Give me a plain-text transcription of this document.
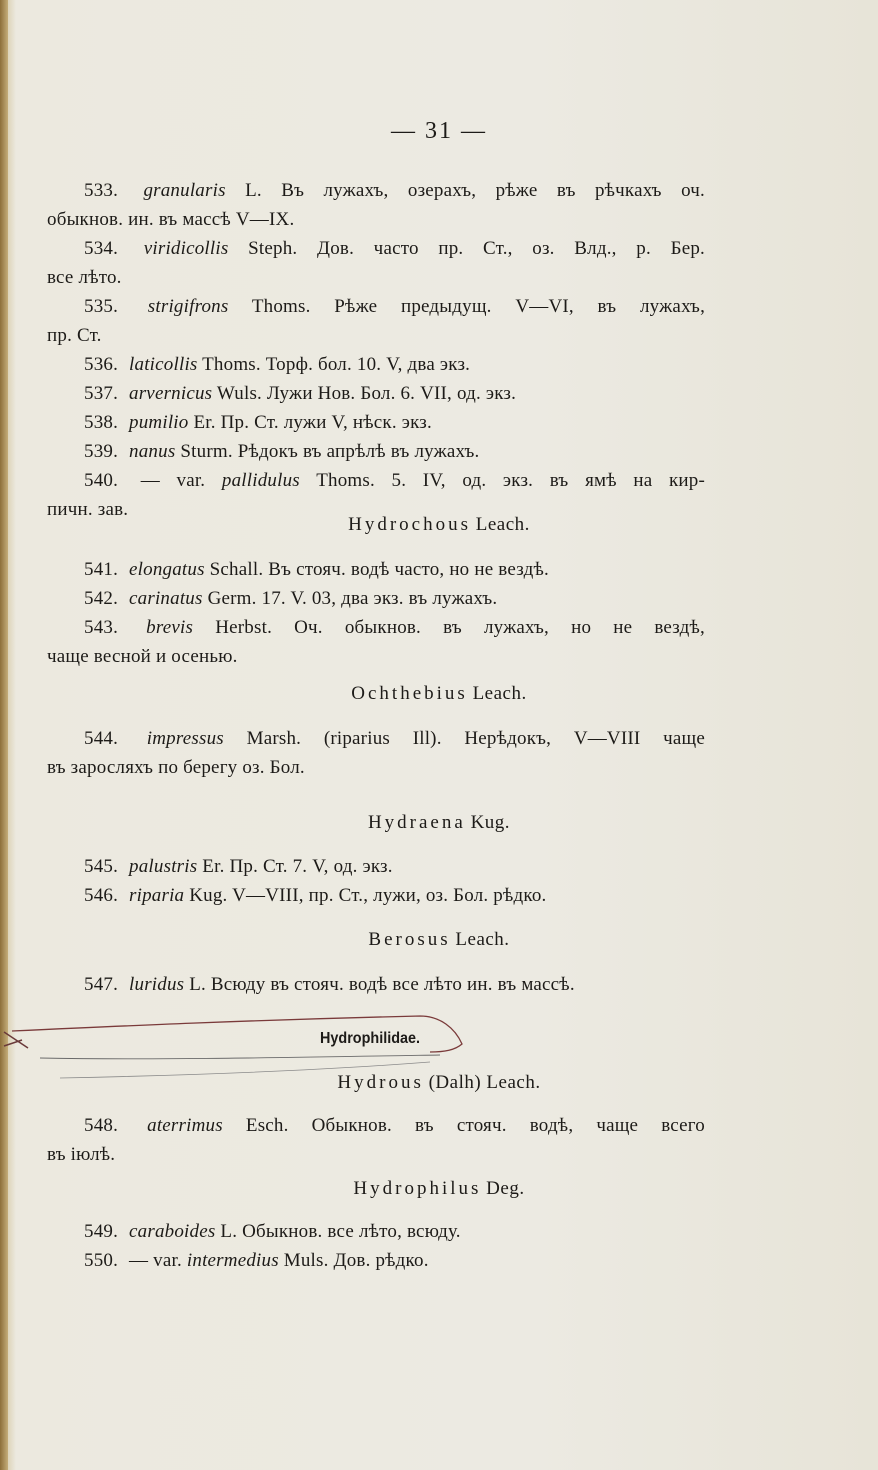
— 31 —
533. granularis L. Въ лужахъ, озерахъ, рѣже въ рѣчкахъ оч.
обыкнов. ин. въ массѣ V—IX.
534. viridicollis Steph. Дов. часто пр. Ст., оз. Влд., р. Бер.
все лѣто.
535. strigifrons Thoms. Рѣже предыдущ. V—VI, въ лужахъ,
пр. Ст.
536. laticollis Thoms. Торф. бол. 10. V, два экз.
537. arvernicus Wuls. Лужи Нов. Бол. 6. VII, од. экз.
538. pumilio Er. Пр. Ст. лужи V, нѣск. экз.
539. nanus Sturm. Рѣдокъ въ апрѣлѣ въ лужахъ.
540. — var. pallidulus Thoms. 5. IV, од. экз. въ ямѣ на кир-
пичн. зав.
Hydrochous Leach.
541. elongatus Schall. Въ стояч. водѣ часто, но не вездѣ.
542. carinatus Germ. 17. V. 03, два экз. въ лужахъ.
543. brevis Herbst. Оч. обыкнов. въ лужахъ, но не вездѣ,
чаще весной и осенью.
Ochthebius Leach.
544. impressus Marsh. (riparius Ill). Нерѣдокъ, V—VIII чаще
въ заросляхъ по берегу оз. Бол.
Hydraena Kug.
545. palustris Er. Пр. Ст. 7. V, од. экз.
546. riparia Kug. V—VIII, пр. Ст., лужи, оз. Бол. рѣдко.
Berosus Leach.
547. luridus L. Всюду въ стояч. водѣ все лѣто ин. въ массѣ.
Hydrophilidae.
Hydrous (Dalh) Leach.
548. aterrimus Esch. Обыкнов. въ стояч. водѣ, чаще всего
въ іюлѣ.
Hydrophilus Deg.
549. caraboides L. Обыкнов. все лѣто, всюду.
550. — var. intermedius Muls. Дов. рѣдко.
